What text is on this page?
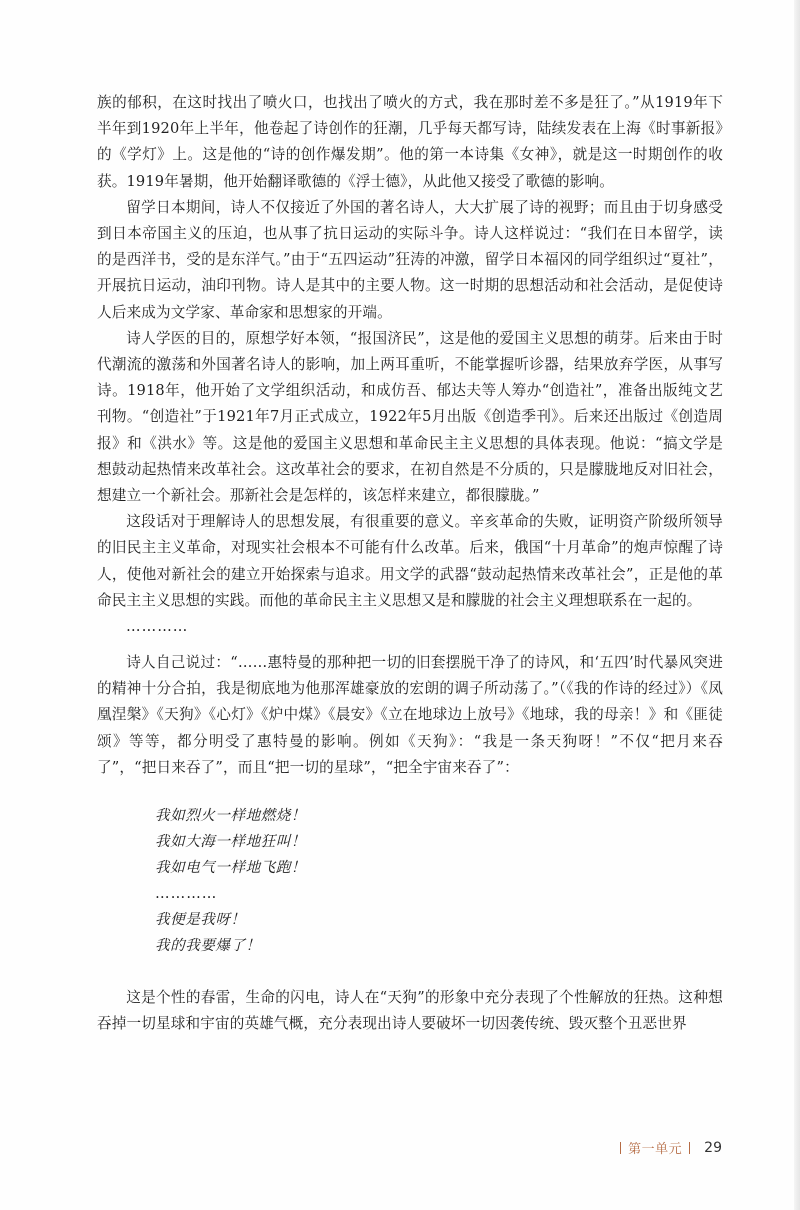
族的郁积，在这时找出了喷火口，也找出了喷火的方式，我在那时差不多是狂了。”从1919年下半年到1920年上半年，他卷起了诗创作的狂潮，几乎每天都写诗，陆续发表在上海《时事新报》的《学灯》上。这是他的“诗的创作爆发期”。他的第一本诗集《女神》，就是这一时期创作的收获。1919年暑期，他开始翻译歌德的《浮士德》，从此他又接受了歌德的影响。

留学日本期间，诗人不仅接近了外国的著名诗人，大大扩展了诗的视野；而且由于切身感受到日本帝国主义的压迫，也从事了抗日运动的实际斗争。诗人这样说过：“我们在日本留学，读的是西洋书，受的是东洋气。”由于“五四运动”狂涛的冲激，留学日本福冈的同学组织过“夏社”，开展抗日运动，油印刊物。诗人是其中的主要人物。这一时期的思想活动和社会活动，是促使诗人后来成为文学家、革命家和思想家的开端。

诗人学医的目的，原想学好本领，“报国济民”，这是他的爱国主义思想的萌芽。后来由于时代潮流的激荡和外国著名诗人的影响，加上两耳重听，不能掌握听诊器，结果放弃学医，从事写诗。1918年，他开始了文学组织活动，和成仿吾、郁达夫等人筹办“创造社”，准备出版纯文艺刊物。“创造社”于1921年7月正式成立，1922年5月出版《创造季刊》。后来还出版过《创造周报》和《洪水》等。这是他的爱国主义思想和革命民主主义思想的具体表现。他说：“搞文学是想鼓动起热情来改革社会。这改革社会的要求，在初自然是不分质的，只是朦胧地反对旧社会，想建立一个新社会。那新社会是怎样的，该怎样来建立，都很朦胧。”

这段话对于理解诗人的思想发展，有很重要的意义。辛亥革命的失败，证明资产阶级所领导的旧民主主义革命，对现实社会根本不可能有什么改革。后来，俄国“十月革命”的炮声惊醒了诗人，使他对新社会的建立开始探索与追求。用文学的武器“鼓动起热情来改革社会”，正是他的革命民主主义思想的实践。而他的革命民主主义思想又是和朦胧的社会主义理想联系在一起的。

…………

诗人自己说过：“……惠特曼的那种把一切的旧套摆脱干净了的诗风，和‘五四’时代暴风突进的精神十分合拍，我是彻底地为他那浑雄豪放的宏朗的调子所动荡了。”（《我的作诗的经过》）《凤凰涅槃》《天狗》《心灯》《炉中煤》《晨安》《立在地球边上放号》《地球，我的母亲！》和《匪徒颂》等等，都分明受了惠特曼的影响。例如《天狗》：“我是一条天狗呀！”不仅“把月来吞了”，“把日来吞了”，而且“把一切的星球”，“把全宇宙来吞了”：

我如烈火一样地燃烧！
我如大海一样地狂叫！
我如电气一样地飞跑！
…………
我便是我呀！
我的我要爆了！

这是个性的春雷，生命的闪电，诗人在“天狗”的形象中充分表现了个性解放的狂热。这种想吞掉一切星球和宇宙的英雄气概，充分表现出诗人要破坏一切因袭传统、毁灭整个丑恶世界

第一单元	29
